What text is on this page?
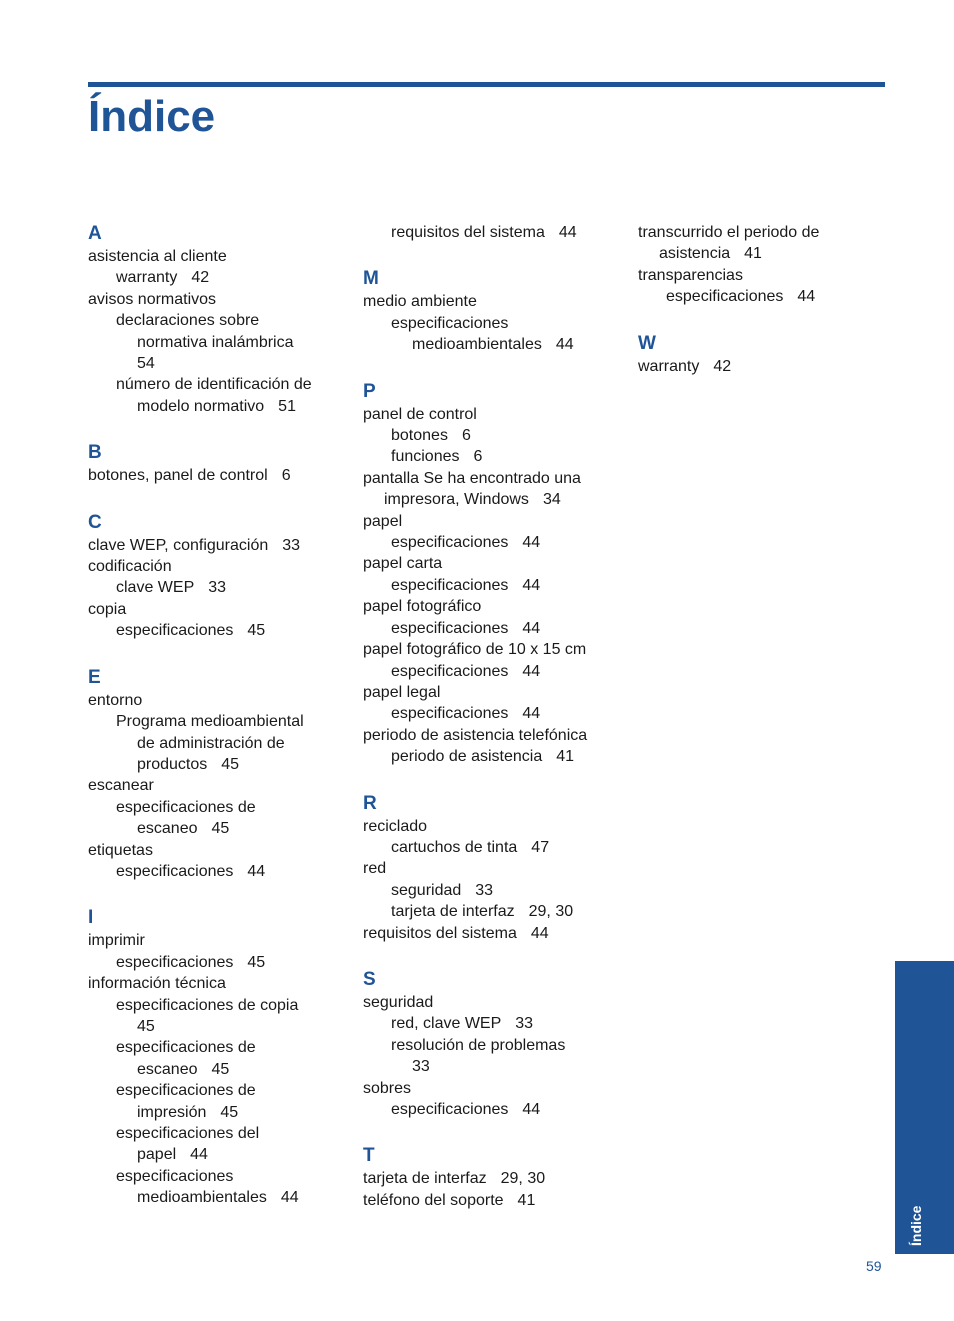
Índice
A
asistencia al cliente
warranty 42
avisos normativos
declaraciones sobre
normativa inalámbrica
54
número de identificación de
modelo normativo 51
B
botones, panel de control 6
C
clave WEP, configuración 33
codificación
clave WEP 33
copia
especificaciones 45
E
entorno
Programa medioambiental
de administración de
productos 45
escanear
especificaciones de
escaneo 45
etiquetas
especificaciones 44
I
imprimir
especificaciones 45
información técnica
especificaciones de copia
45
especificaciones de
escaneo 45
especificaciones de
impresión 45
especificaciones del
papel 44
especificaciones
medioambientales 44
requisitos del sistema 44
M
medio ambiente
especificaciones
medioambientales 44
P
panel de control
botones 6
funciones 6
pantalla Se ha encontrado una
impresora, Windows 34
papel
especificaciones 44
papel carta
especificaciones 44
papel fotográfico
especificaciones 44
papel fotográfico de 10 x 15 cm
especificaciones 44
papel legal
especificaciones 44
periodo de asistencia telefónica
periodo de asistencia 41
R
reciclado
cartuchos de tinta 47
red
seguridad 33
tarjeta de interfaz 29, 30
requisitos del sistema 44
S
seguridad
red, clave WEP 33
resolución de problemas
33
sobres
especificaciones 44
T
tarjeta de interfaz 29, 30
teléfono del soporte 41
transcurrido el periodo de
asistencia 41
transparencias
especificaciones 44
W
warranty 42
Índice
59
